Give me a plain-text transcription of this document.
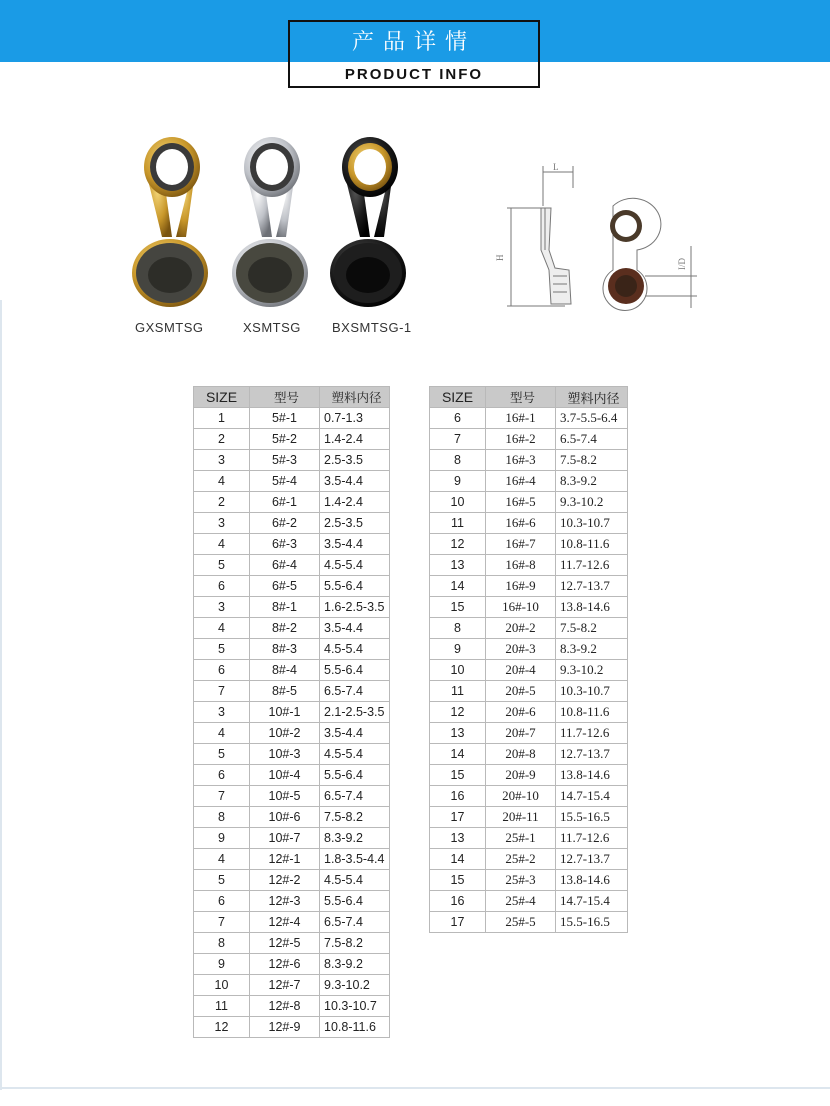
产品详情
PRODUCT INFO
GXSMTSG	XSMTSG BXSMTSG-1
L
H
I/D
SIZE	型号	塑料内径
1	5#-1	0.7-1.3
2	5#-2	1.4-2.4
3	5#-3	2.5-3.5
4	5#-4	3.5-4.4
2	6#-1	1.4-2.4
3	6#-2	2.5-3.5
4	6#-3	3.5-4.4
5	6#-4	4.5-5.4
6	6#-5	5.5-6.4
3	8#-1	1.6-2.5-3.5
4	8#-2	3.5-4.4
5	8#-3	4.5-5.4
6	8#-4	5.5-6.4
7	8#-5	6.5-7.4
3	10#-1	2.1-2.5-3.5
4	10#-2	3.5-4.4
5	10#-3	4.5-5.4
6	10#-4	5.5-6.4
7	10#-5	6.5-7.4
8	10#-6	7.5-8.2
9	10#-7	8.3-9.2
4	12#-1	1.8-3.5-4.4
5	12#-2	4.5-5.4
6	12#-3	5.5-6.4
7	12#-4	6.5-7.4
8	12#-5	7.5-8.2
9	12#-6	8.3-9.2
10	12#-7	9.3-10.2
11	12#-8	10.3-10.7
12	12#-9	10.8-11.6
SIZE	型号	塑料内径
6	16#-1	3.7-5.5-6.4
7	16#-2	6.5-7.4
8	16#-3	7.5-8.2
9	16#-4	8.3-9.2
10	16#-5	9.3-10.2
11	16#-6	10.3-10.7
12	16#-7	10.8-11.6
13	16#-8	11.7-12.6
14	16#-9	12.7-13.7
15	16#-10	13.8-14.6
8	20#-2	7.5-8.2
9	20#-3	8.3-9.2
10	20#-4	9.3-10.2
11	20#-5	10.3-10.7
12	20#-6	10.8-11.6
13	20#-7	11.7-12.6
14	20#-8	12.7-13.7
15	20#-9	13.8-14.6
16	20#-10	14.7-15.4
17	20#-11	15.5-16.5
13	25#-1	11.7-12.6
14	25#-2	12.7-13.7
15	25#-3	13.8-14.6
16	25#-4	14.7-15.4
17	25#-5	15.5-16.5
